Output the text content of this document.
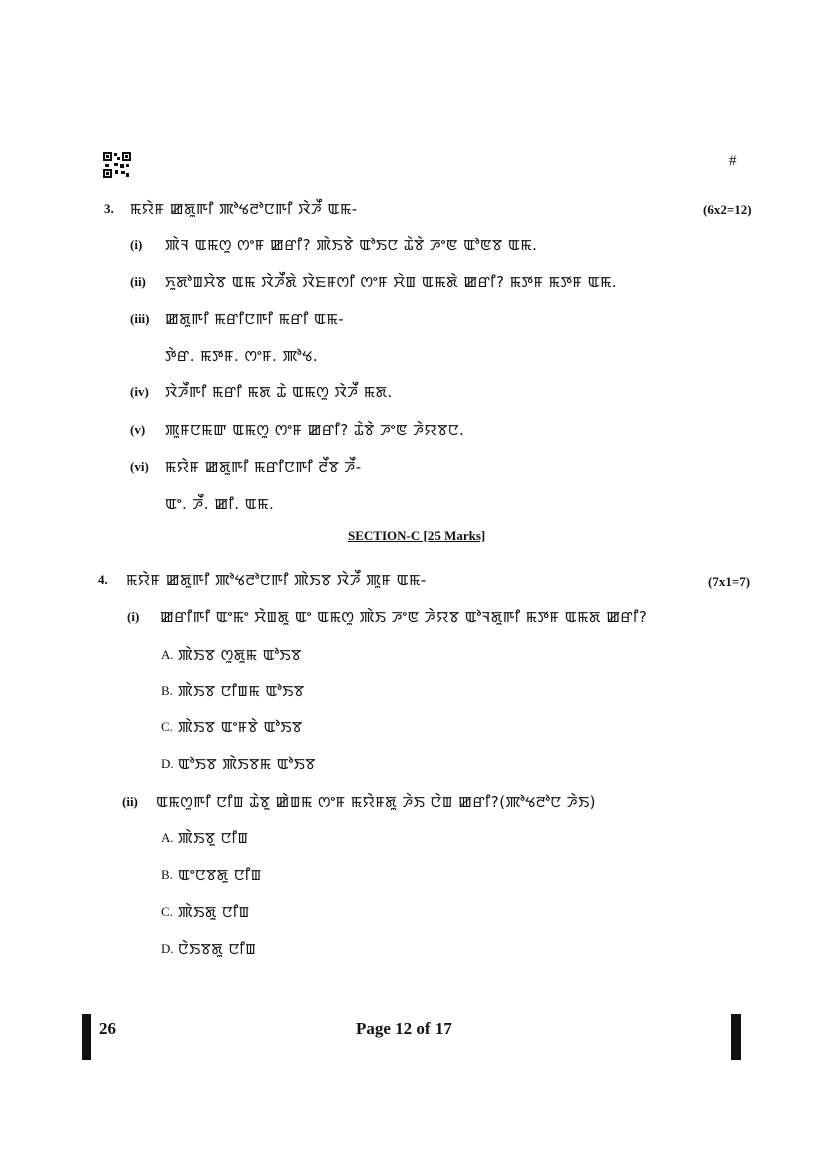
#
3. ꯃꯌꯥꯝ ꯀꯗꯨꯒꯤ ꯄꯣꯠꯂꯣꯅꯒꯤ ꯋꯥꯍꯩ ꯑꯃ-	(6x2=12)
(i) ꯄꯥꯜ ꯑꯃꯁꯨ ꯁꯦꯝ ꯀꯔꯤ? ꯄꯥꯏꯕꯥ ꯑꯣꯏꯅ ꯊꯥꯕꯥ ꯍꯦꯟ ꯑꯣꯟꯕ ꯑꯃ.
(ii) ꯈꯨꯗꯣꯡꯆꯥꯕ ꯑꯃ ꯋꯥꯍꯩꯗꯥ ꯋꯥꯐꯝꯁꯤ ꯁꯦꯝ ꯆꯥꯡ ꯑꯃꯗꯥ ꯀꯔꯤ? ꯃꯇꯝ ꯃꯇꯝ ꯑꯃ.
(iii) ꯀꯗꯨꯒꯤ ꯃꯔꯤꯅꯒꯤ ꯃꯔꯤ ꯑꯃ-
ꯇꯥꯔ. ꯃꯇꯝ. ꯁꯦꯝ. ꯄꯣꯠ.
(iv) ꯋꯥꯍꯩꯒꯤ ꯃꯔꯤ ꯃꯗ ꯊꯥ ꯑꯃꯁꯨ ꯋꯥꯍꯩ ꯃꯗ.
(v) ꯄꯨꯝꯅꯃꯛ ꯑꯃꯁꯨ ꯁꯦꯝ ꯀꯔꯤ? ꯊꯥꯕꯥ ꯍꯦꯟ ꯍꯥꯌꯕꯅ.
(vi) ꯃꯌꯥꯝ ꯀꯗꯨꯒꯤ ꯃꯔꯤꯅꯒꯤ ꯂꯩꯕ ꯍꯩ-
ꯑꯦ. ꯍꯩ. ꯀꯤ. ꯑꯃ.
SECTION-C [25 Marks]
4. ꯃꯌꯥꯝ ꯀꯗꯨꯒꯤ ꯄꯣꯠꯂꯣꯅꯒꯤ ꯄꯥꯏꯕ ꯋꯥꯍꯩ ꯄꯨꯝ ꯑꯃ-	(7x1=7)
(i) ꯀꯔꯤꯒꯤ ꯑꯦꯃꯦ ꯆꯥꯡꯗꯨ ꯑꯦ ꯑꯃꯁꯨ ꯄꯥꯏ ꯍꯦꯟ ꯍꯥꯌꯕ ꯑꯣꯜꯗꯨꯒꯤ ꯃꯇꯝ ꯑꯃꯗ ꯀꯔꯤ?
A. ꯄꯥꯏꯕ ꯁꯨꯗꯨꯃ ꯑꯣꯏꯕ
B. ꯄꯥꯏꯕ ꯅꯤꯡꯃ ꯑꯣꯏꯕ
C. ꯄꯥꯏꯕ ꯑꯦꯝꯕꯥ ꯑꯣꯏꯕ
D. ꯑꯣꯏꯕ ꯄꯥꯏꯕꯃ ꯑꯣꯏꯕ
(ii) ꯑꯃꯁꯨꯒꯤ ꯅꯤꯡ ꯊꯥꯕꯨ ꯀꯥꯡꯃ ꯁꯦꯝ ꯃꯌꯥꯝꯗꯨ ꯍꯥꯏ ꯅꯥꯡ ꯀꯔꯤ?(ꯄꯣꯠꯂꯣꯅ ꯍꯥꯏ)
A. ꯄꯥꯏꯕꯨ ꯅꯤꯡ
B. ꯑꯦꯅꯕꯗꯨ ꯅꯤꯡ
C. ꯄꯥꯏꯗꯨ ꯅꯤꯡ
D. ꯅꯥꯏꯕꯗꯨ ꯅꯤꯡ
26	Page 12 of 17
